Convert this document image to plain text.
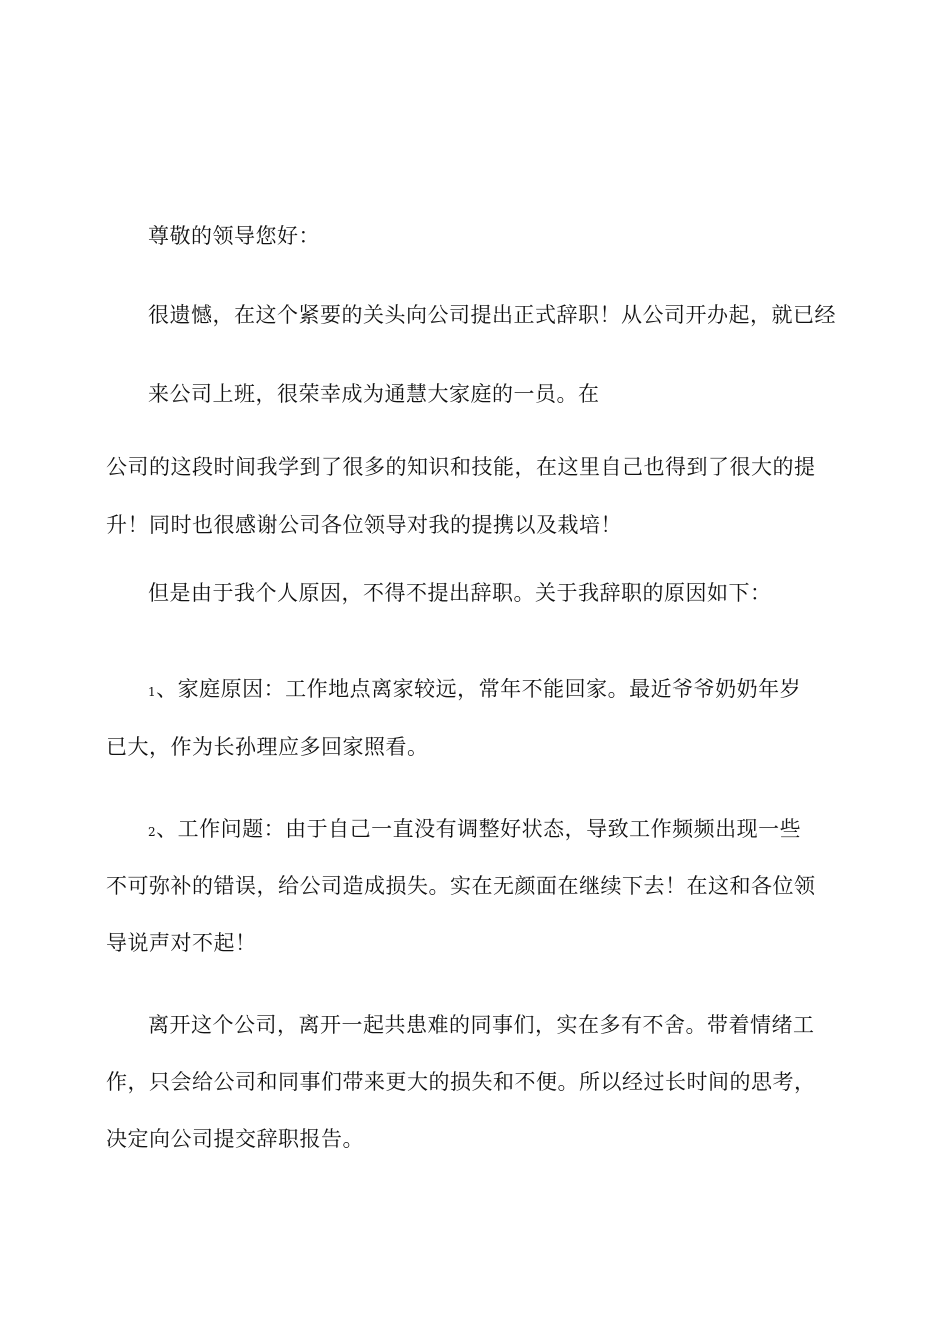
尊敬的领导您好：

很遗憾，在这个紧要的关头向公司提出正式辞职！从公司开办起，就已经

来公司上班，很荣幸成为通慧大家庭的一员。在

公司的这段时间我学到了很多的知识和技能，在这里自己也得到了很大的提

升！同时也很感谢公司各位领导对我的提携以及栽培！

但是由于我个人原因，不得不提出辞职。关于我辞职的原因如下：

1、家庭原因：工作地点离家较远，常年不能回家。最近爷爷奶奶年岁

已大，作为长孙理应多回家照看。

2、工作问题：由于自己一直没有调整好状态，导致工作频频出现一些

不可弥补的错误，给公司造成损失。实在无颜面在继续下去！在这和各位领

导说声对不起！

离开这个公司，离开一起共患难的同事们，实在多有不舍。带着情绪工

作，只会给公司和同事们带来更大的损失和不便。所以经过长时间的思考，

决定向公司提交辞职报告。
